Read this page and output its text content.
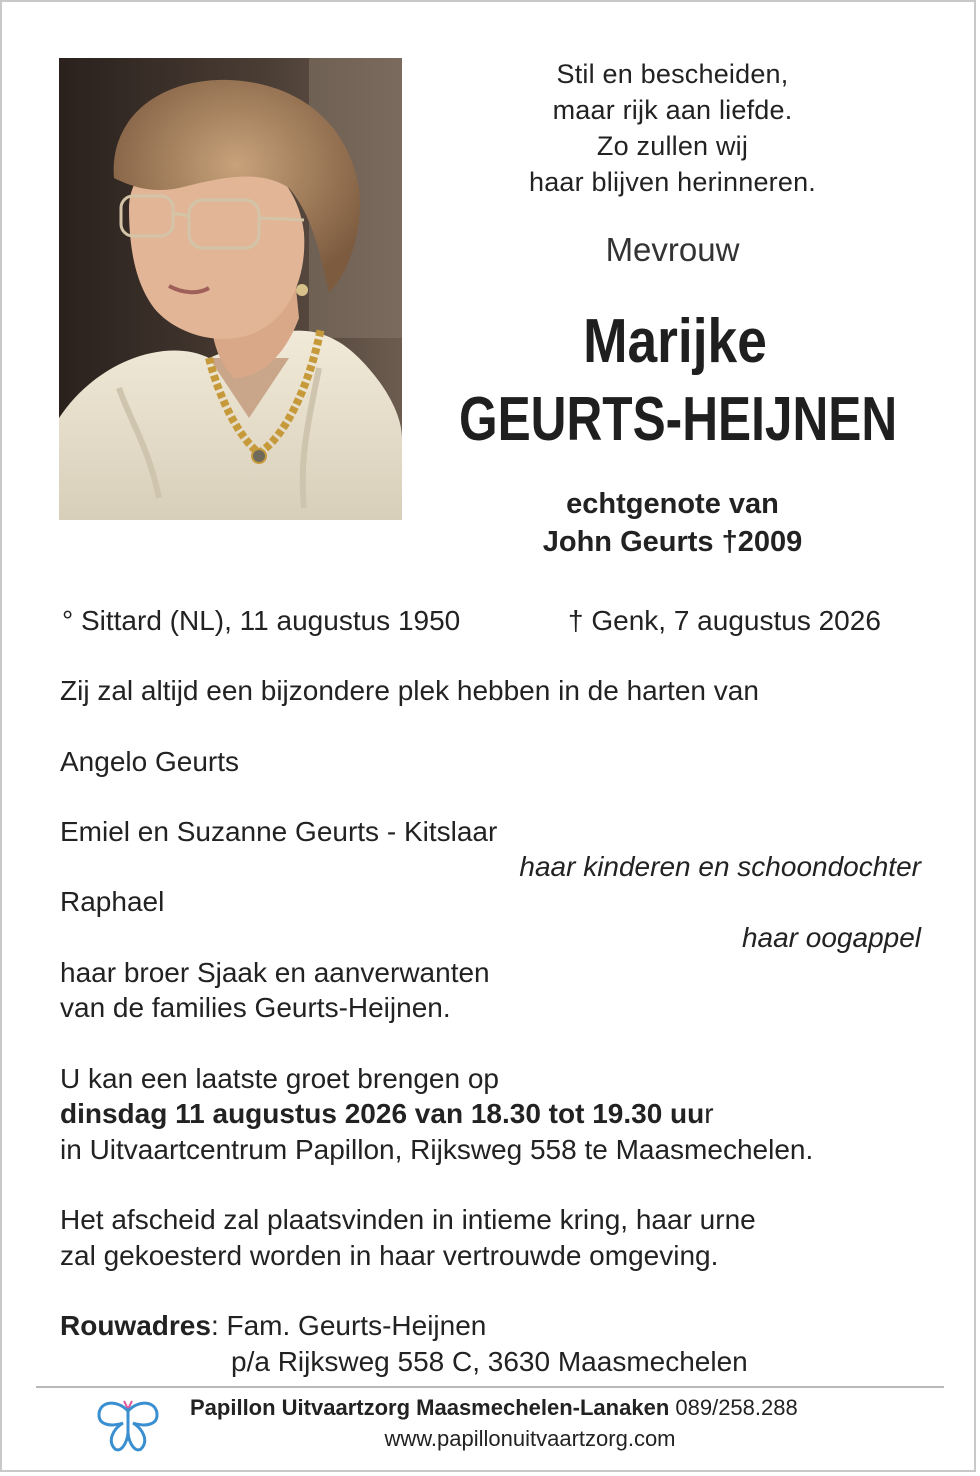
Stil en bescheiden,
maar rijk aan liefde.
Zo zullen wij
haar blijven herinneren.
Mevrouw
Marijke
GEURTS-HEIJNEN
echtgenote van
John Geurts †2009
° Sittard (NL), 11 augustus 1950	† Genk, 7 augustus 2026
Zij zal altijd een bijzondere plek hebben in de harten van
Angelo Geurts
Emiel en Suzanne Geurts - Kitslaar
haar kinderen en schoondochter
Raphael
haar oogappel
haar broer Sjaak en aanverwanten
van de families Geurts-Heijnen.
U kan een laatste groet brengen op
dinsdag 11 augustus 2026 van 18.30 tot 19.30 uur
in Uitvaartcentrum Papillon, Rijksweg 558 te Maasmechelen.
Het afscheid zal plaatsvinden in intieme kring, haar urne
zal gekoesterd worden in haar vertrouwde omgeving.
Rouwadres: Fam. Geurts-Heijnen
p/a Rijksweg 558 C, 3630 Maasmechelen
Papillon Uitvaartzorg Maasmechelen-Lanaken 089/258.288
www.papillonuitvaartzorg.com
